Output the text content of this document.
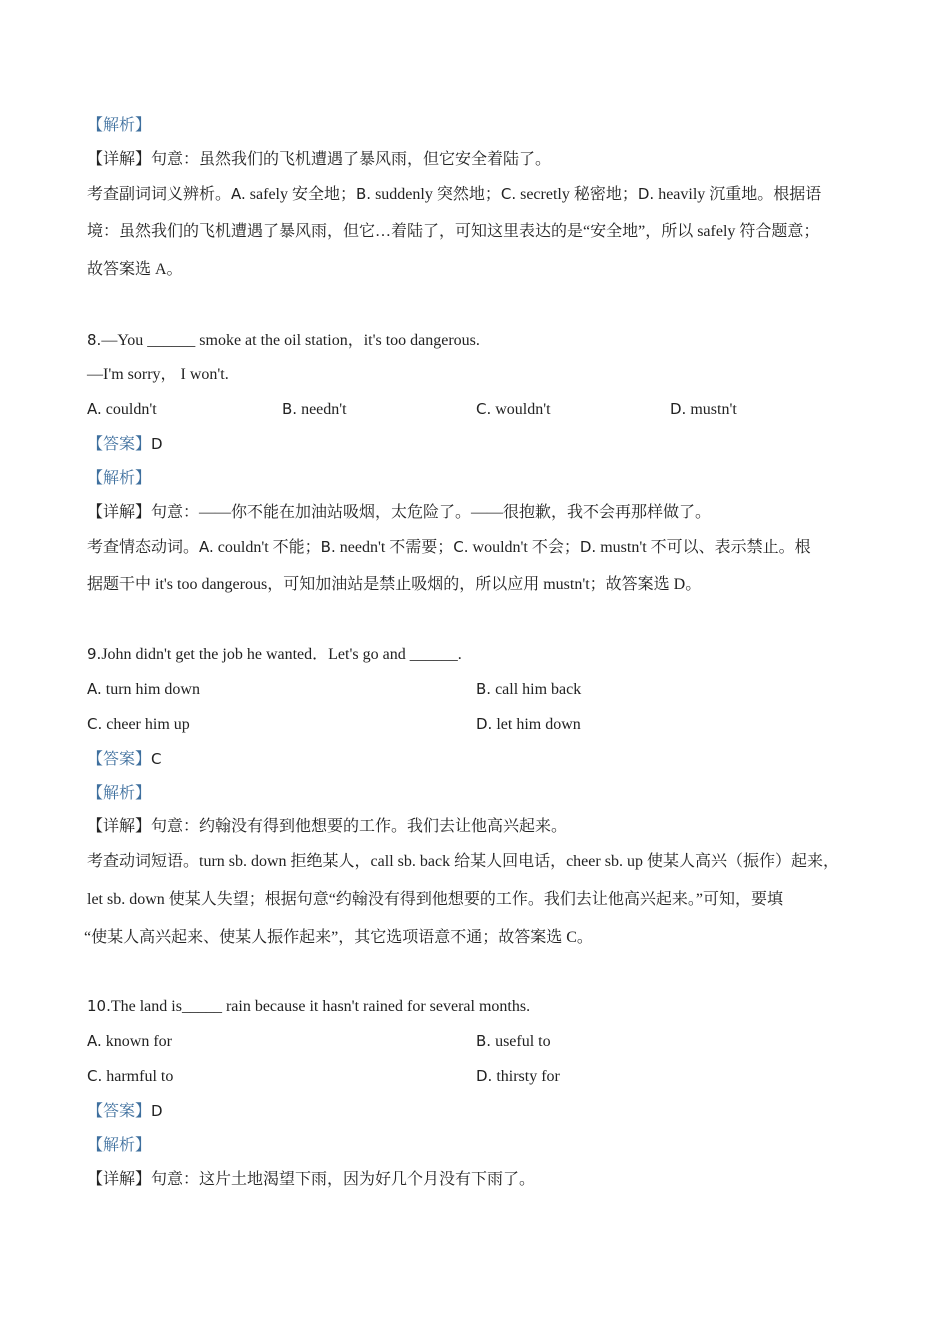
【解析】
【详解】句意：虽然我们的飞机遭遇了暴风雨，但它安全着陆了。
考查副词词义辨析。A. safely 安全地；B. suddenly 突然地；C. secretly 秘密地；D. heavily 沉重地。根据语
境：虽然我们的飞机遭遇了暴风雨，但它…着陆了，可知这里表达的是“安全地”，所以 safely 符合题意；
故答案选 A。
8.—You ______ smoke at the oil station，it's too dangerous.
—I'm sorry， I won't.
A. couldn't	B. needn't	C. wouldn't	D. mustn't
【答案】D
【解析】
【详解】句意：——你不能在加油站吸烟，太危险了。——很抱歉，我不会再那样做了。
考查情态动词。A. couldn't 不能；B. needn't 不需要；C. wouldn't 不会；D. mustn't 不可以、表示禁止。根
据题干中 it's too dangerous，可知加油站是禁止吸烟的，所以应用 mustn't；故答案选 D。
9.John didn't get the job he wanted．Let's go and ______.
A. turn him down	B. call him back
C. cheer him up	D. let him down
【答案】C
【解析】
【详解】句意：约翰没有得到他想要的工作。我们去让他高兴起来。
考查动词短语。turn sb. down 拒绝某人，call sb. back 给某人回电话，cheer sb. up 使某人高兴（振作）起来，
let sb. down 使某人失望；根据句意“约翰没有得到他想要的工作。我们去让他高兴起来。”可知，要填
“使某人高兴起来、使某人振作起来”，其它选项语意不通；故答案选 C。
10.The land is_____ rain because it hasn't rained for several months.
A. known for	B. useful to
C. harmful to	D. thirsty for
【答案】D
【解析】
【详解】句意：这片土地渴望下雨，因为好几个月没有下雨了。
